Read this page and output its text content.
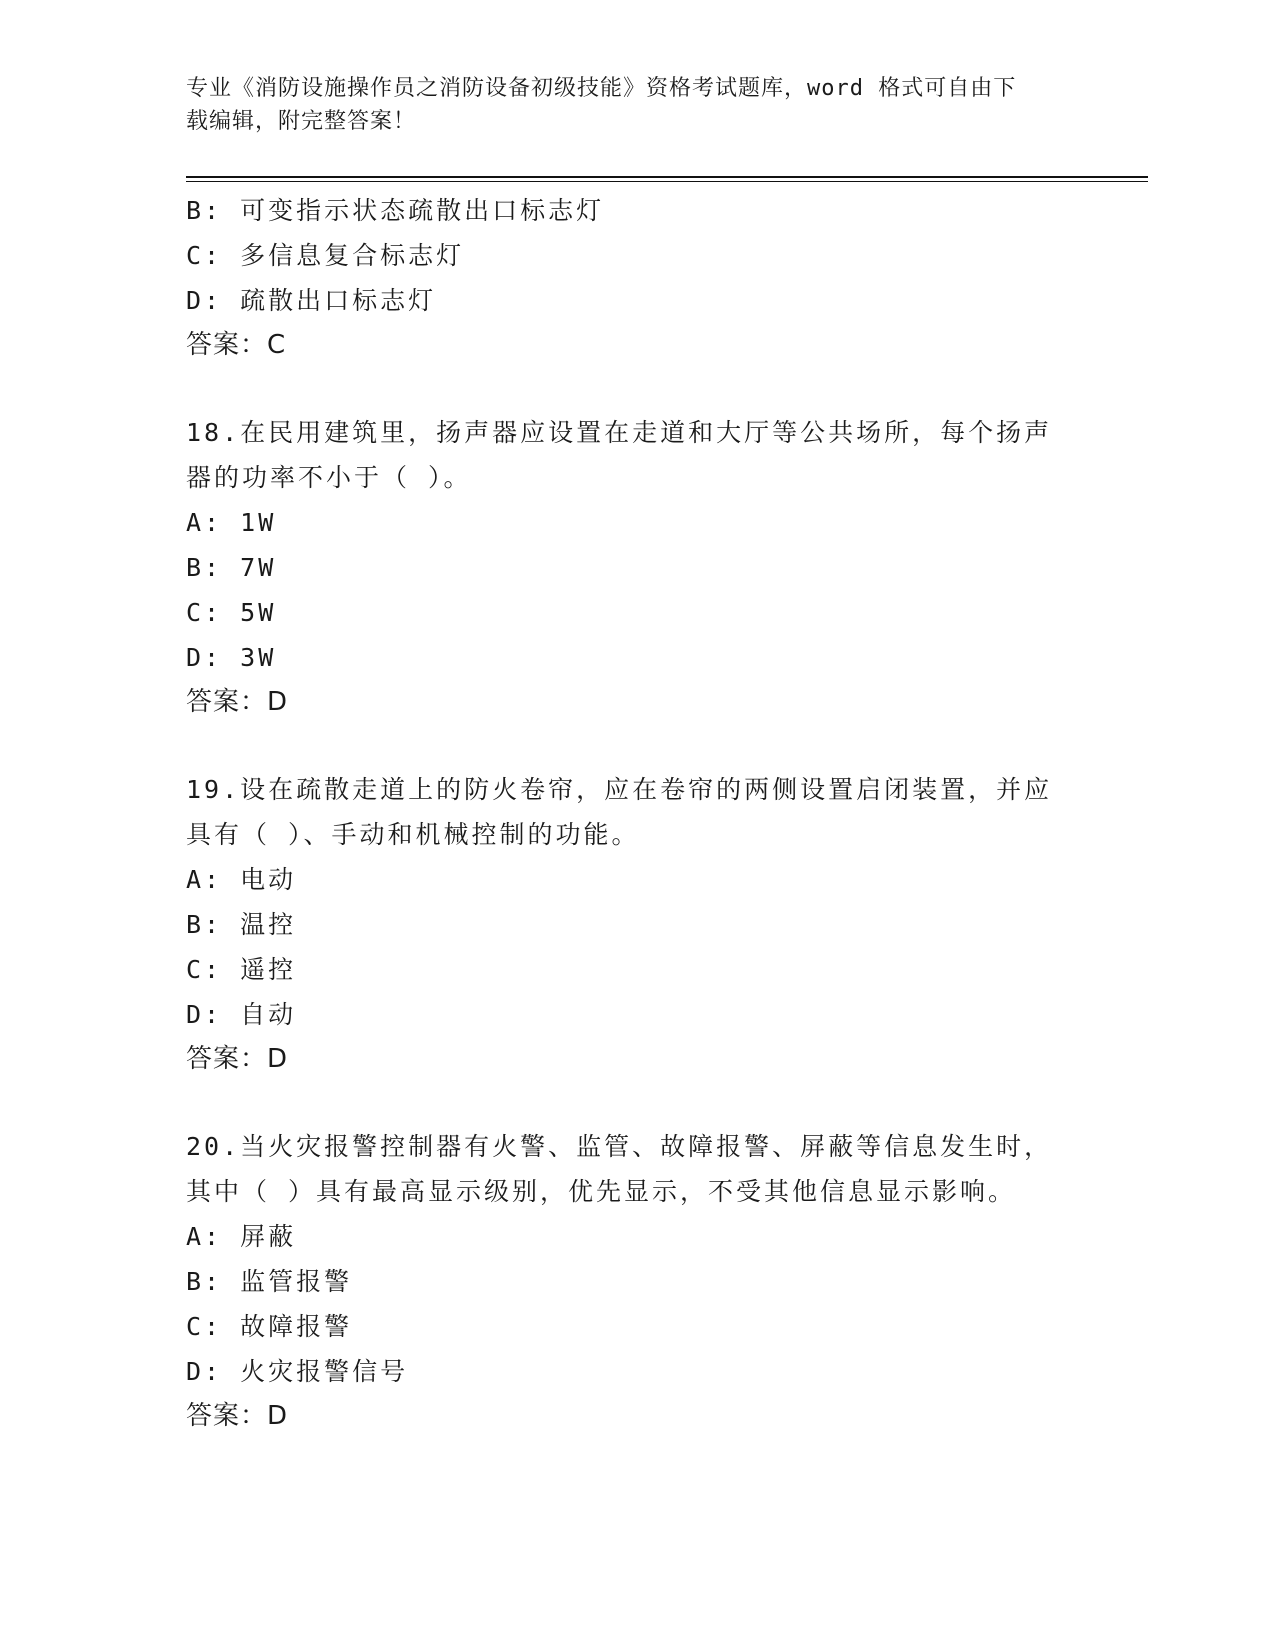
专业《消防设施操作员之消防设备初级技能》资格考试题库，word 格式可自由下
载编辑，附完整答案！
B: 可变指示状态疏散出口标志灯
C: 多信息复合标志灯
D: 疏散出口标志灯
答案：C
18.在民用建筑里，扬声器应设置在走道和大厅等公共场所，每个扬声
器的功率不小于（ ）。
A: 1W
B: 7W
C: 5W
D: 3W
答案：D
19.设在疏散走道上的防火卷帘，应在卷帘的两侧设置启闭装置，并应
具有（ ）、手动和机械控制的功能。
A: 电动
B: 温控
C: 遥控
D: 自动
答案：D
20.当火灾报警控制器有火警、监管、故障报警、屏蔽等信息发生时，
其中（ ）具有最高显示级别，优先显示，不受其他信息显示影响。
A: 屏蔽
B: 监管报警
C: 故障报警
D: 火灾报警信号
答案：D
